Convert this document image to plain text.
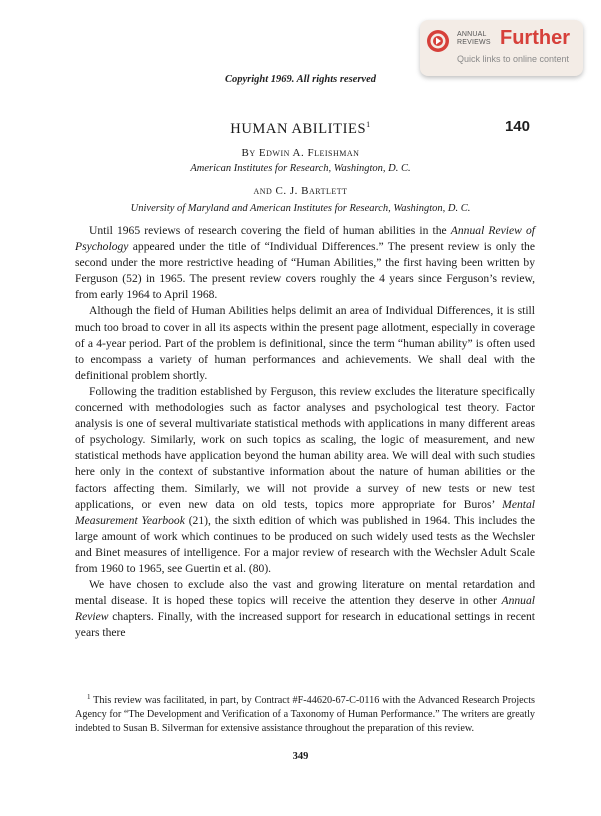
ANNUAL
REVIEWS Further
Quick links to online content
Copyright 1969. All rights reserved
140
HUMAN ABILITIES$^1$
By Edwin A. Fleishman
American Institutes for Research, Washington, D. C.
and C. J. Bartlett
University of Maryland and American Institutes for Research, Washington, D. C.

Until 1965 reviews of research covering the field of human abilities in the Annual Review of Psychology appeared under the title of “Individual Differences.” The present review is only the second under the more restrictive heading of “Human Abilities,” the first having been written by Ferguson (52) in 1965. The present review covers roughly the 4 years since Ferguson’s review, from early 1964 to April 1968.

Although the field of Human Abilities helps delimit an area of Individual Differences, it is still much too broad to cover in all its aspects within the present page allotment, especially in coverage of a 4-year period. Part of the problem is definitional, since the term “human ability” is often used to encompass a variety of human performances and achievements. We shall deal with the definitional problem shortly.

Following the tradition established by Ferguson, this review excludes the literature specifically concerned with methodologies such as factor analyses and psychological test theory. Factor analysis is one of several multivariate statistical methods with applications in many different areas of psychology. Similarly, work on such topics as scaling, the logic of measurement, and new statistical methods have application beyond the human ability area. We will deal with such studies here only in the context of substantive information about the nature of human abilities or the factors affecting them. Similarly, we will not provide a survey of new tests or new test applications, or even new data on old tests, topics more appropriate for Buros’ Mental Measurement Yearbook (21), the sixth edition of which was published in 1964. This includes the large amount of work which continues to be produced on such widely used tests as the Wechsler and Binet measures of intelligence. For a major review of research with the Wechsler Adult Scale from 1960 to 1965, see Guertin et al. (80).

We have chosen to exclude also the vast and growing literature on mental retardation and mental disease. It is hoped these topics will receive the attention they deserve in other Annual Review chapters. Finally, with the increased support for research in educational settings in recent years there

$^1$ This review was facilitated, in part, by Contract #F-44620-67-C-0116 with the Advanced Research Projects Agency for “The Development and Verification of a Taxonomy of Human Performance.” The writers are greatly indebted to Susan B. Silverman for extensive assistance throughout the preparation of this review.
349
